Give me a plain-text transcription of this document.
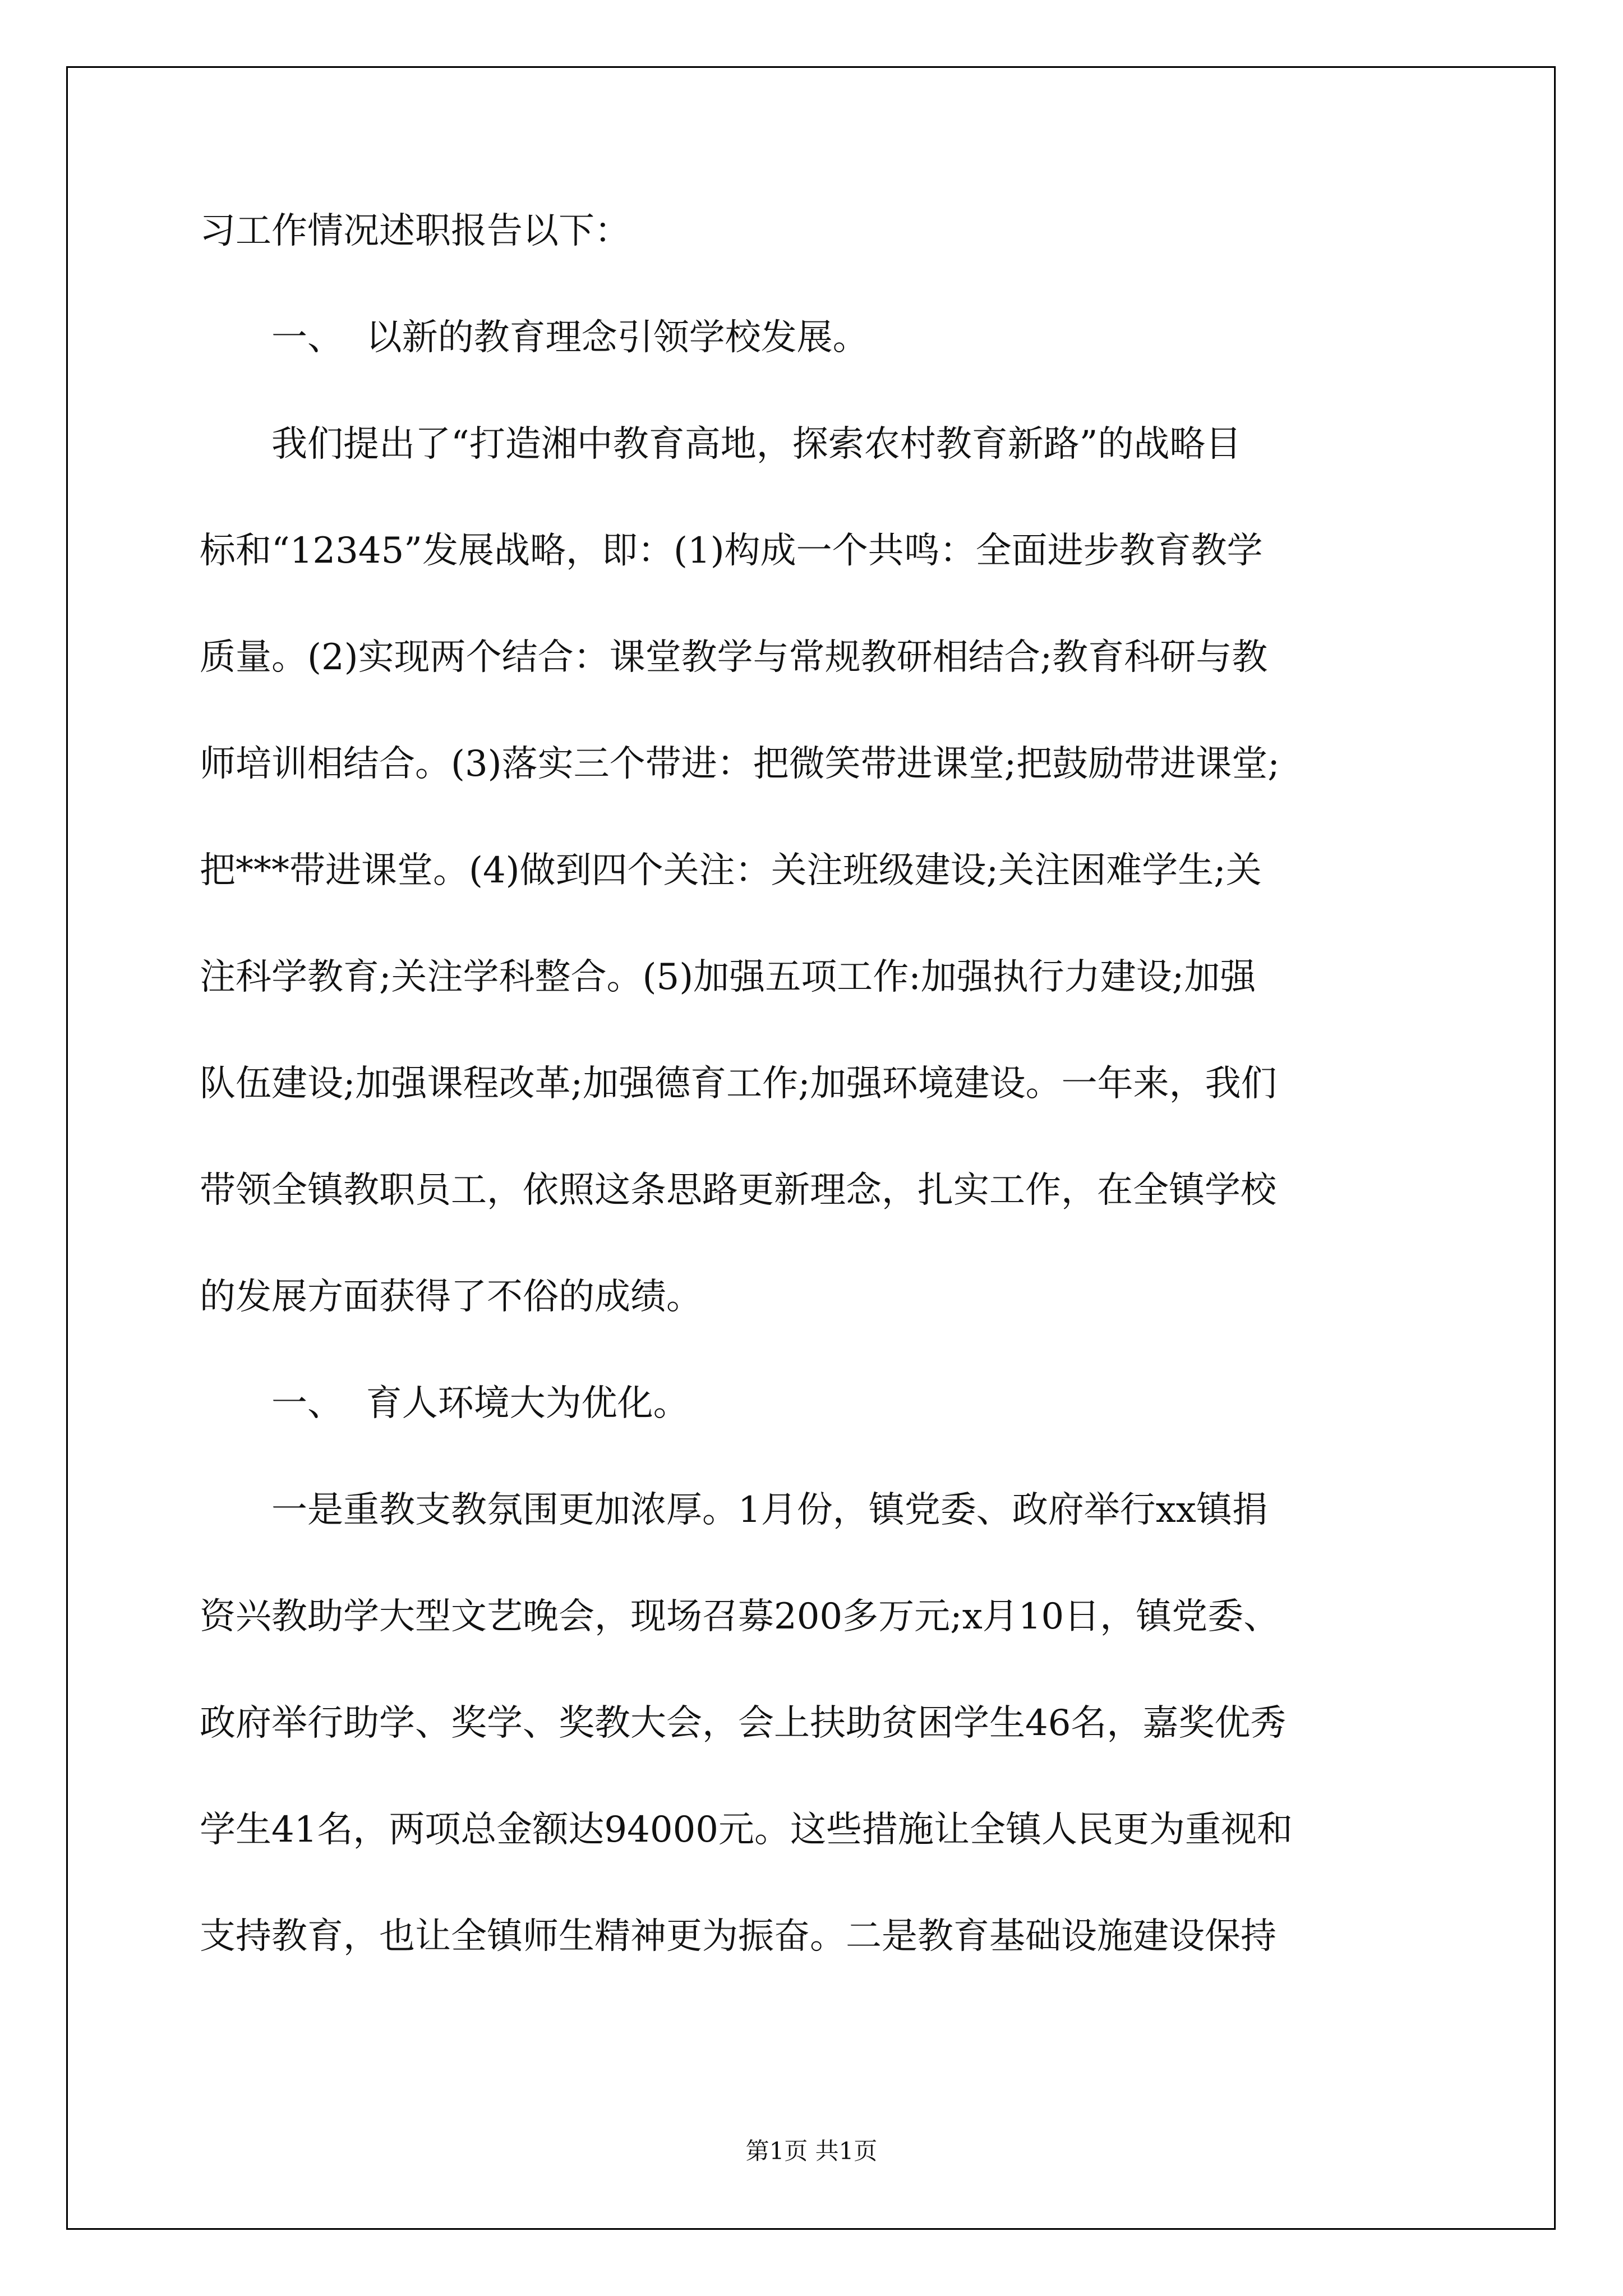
习工作情况述职报告以下：
一、  以新的教育理念引领学校发展。
我们提出了“打造湘中教育高地，探索农村教育新路”的战略目
标和“12345”发展战略，即：(1)构成一个共鸣：全面进步教育教学
质量。(2)实现两个结合：课堂教学与常规教研相结合;教育科研与教
师培训相结合。(3)落实三个带进：把微笑带进课堂;把鼓励带进课堂;
把***带进课堂。(4)做到四个关注：关注班级建设;关注困难学生;关
注科学教育;关注学科整合。(5)加强五项工作:加强执行力建设;加强
队伍建设;加强课程改革;加强德育工作;加强环境建设。一年来，我们
带领全镇教职员工，依照这条思路更新理念，扎实工作，在全镇学校
的发展方面获得了不俗的成绩。
一、  育人环境大为优化。
一是重教支教氛围更加浓厚。1月份，镇党委、政府举行xx镇捐
资兴教助学大型文艺晚会，现场召募200多万元;x月10日，镇党委、
政府举行助学、奖学、奖教大会，会上扶助贫困学生46名，嘉奖优秀
学生41名，两项总金额达94000元。这些措施让全镇人民更为重视和
支持教育，也让全镇师生精神更为振奋。二是教育基础设施建设保持
第1页 共1页
